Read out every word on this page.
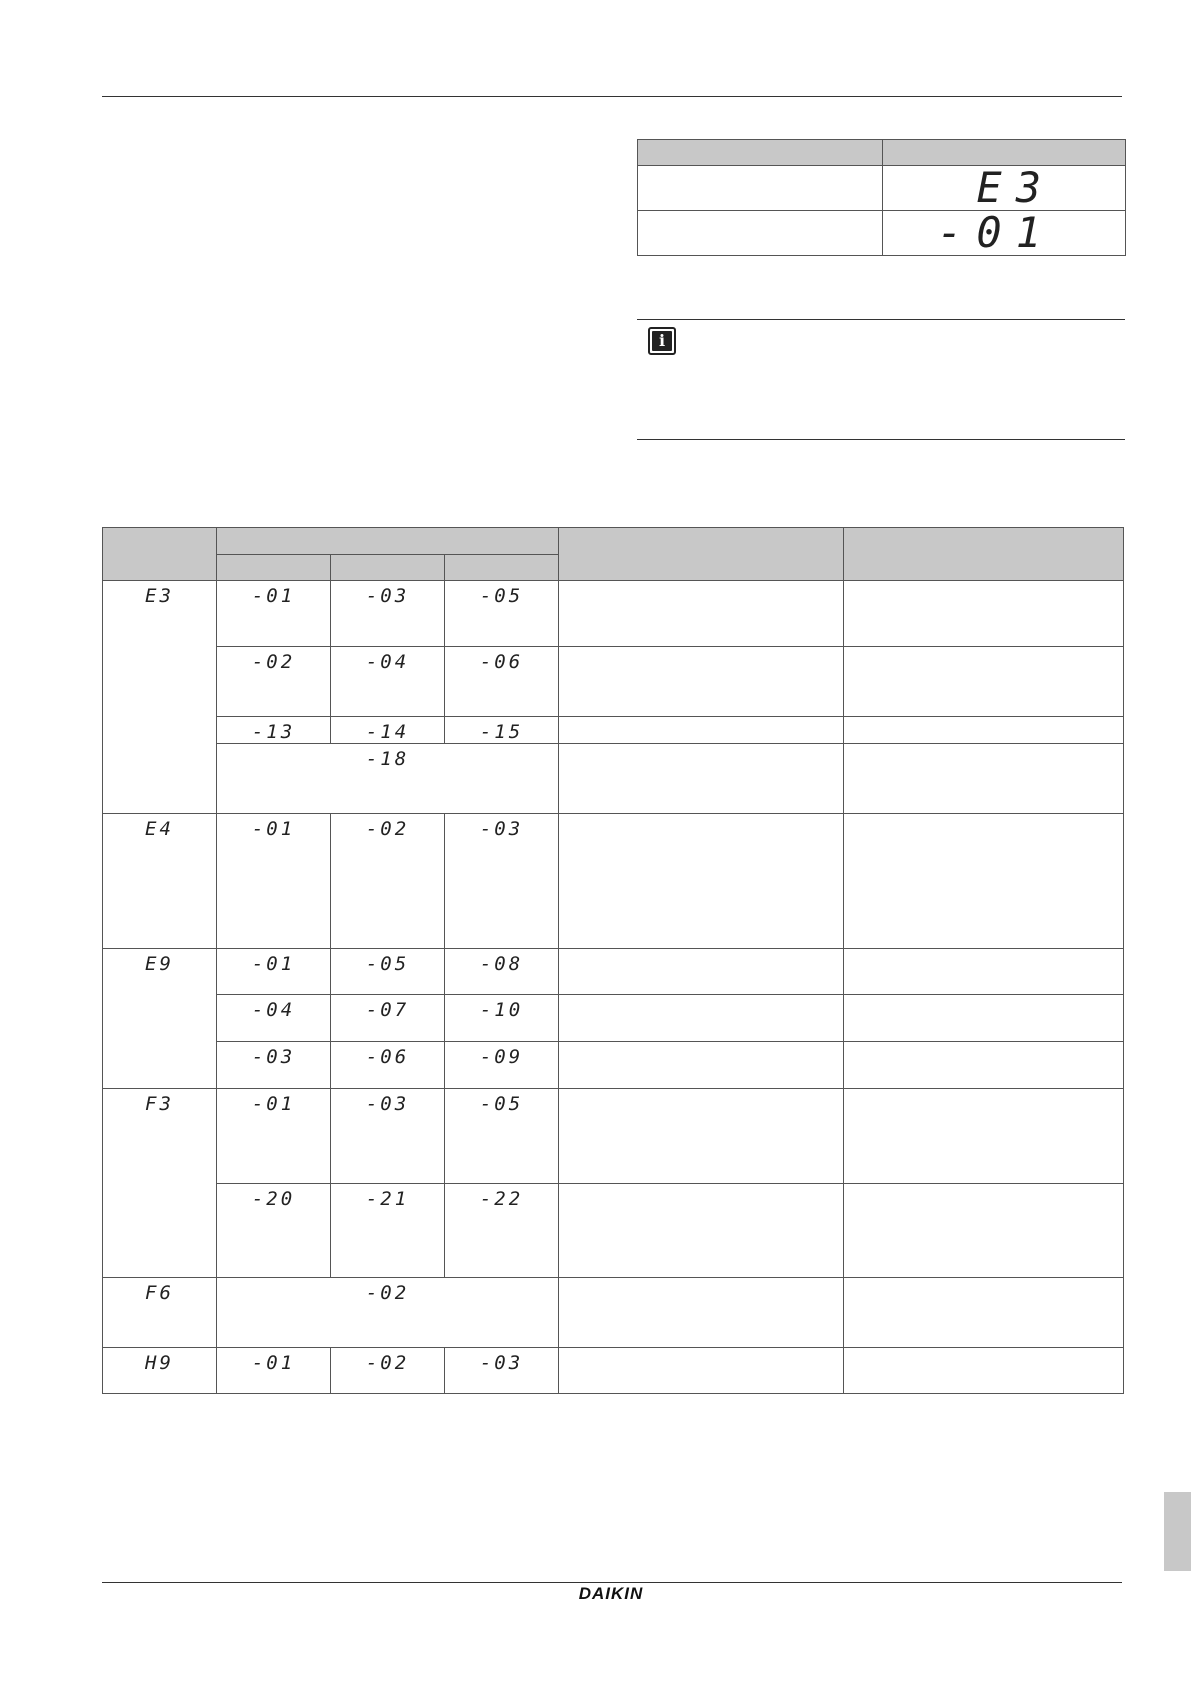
	E3
	-01
i

E3	-01	-03	-05		
	-02	-04	-06		
	-13	-14	-15		
	-18				
E4	-01	-02	-03		
E9	-01	-05	-08		
	-04	-07	-10		
	-03	-06	-09		
F3	-01	-03	-05		
	-20	-21	-22		
F6	-02				
H9	-01	-02	-03		
DAIKIN
